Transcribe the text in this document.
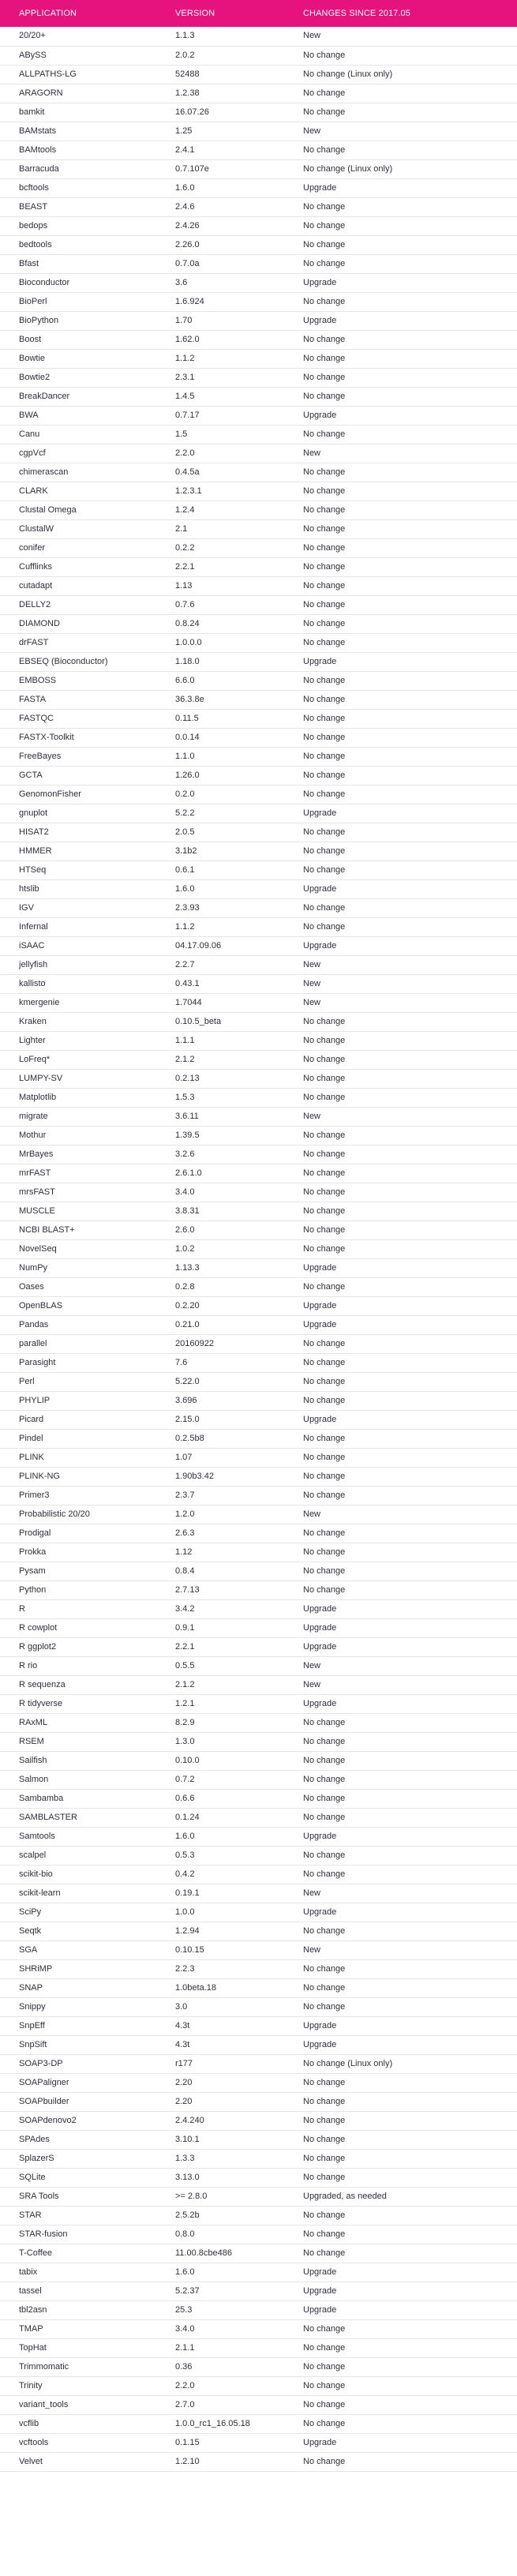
APPLICATION	VERSION	CHANGES SINCE 2017.05
20/20+	1.1.3	New
ABySS	2.0.2	No change
ALLPATHS-LG	52488	No change (Linux only)
ARAGORN	1.2.38	No change
bamkit	16.07.26	No change
BAMstats	1.25	New
BAMtools	2.4.1	No change
Barracuda	0.7.107e	No change (Linux only)
bcftools	1.6.0	Upgrade
BEAST	2.4.6	No change
bedops	2.4.26	No change
bedtools	2.26.0	No change
Bfast	0.7.0a	No change
Bioconductor	3.6	Upgrade
BioPerl	1.6.924	No change
BioPython	1.70	Upgrade
Boost	1.62.0	No change
Bowtie	1.1.2	No change
Bowtie2	2.3.1	No change
BreakDancer	1.4.5	No change
BWA	0.7.17	Upgrade
Canu	1.5	No change
cgpVcf	2.2.0	New
chimerascan	0.4.5a	No change
CLARK	1.2.3.1	No change
Clustal Omega	1.2.4	No change
ClustalW	2.1	No change
conifer	0.2.2	No change
Cufflinks	2.2.1	No change
cutadapt	1.13	No change
DELLY2	0.7.6	No change
DIAMOND	0.8.24	No change
drFAST	1.0.0.0	No change
EBSEQ (Bioconductor)	1.18.0	Upgrade
EMBOSS	6.6.0	No change
FASTA	36.3.8e	No change
FASTQC	0.11.5	No change
FASTX-Toolkit	0.0.14	No change
FreeBayes	1.1.0	No change
GCTA	1.26.0	No change
GenomonFisher	0.2.0	No change
gnuplot	5.2.2	Upgrade
HISAT2	2.0.5	No change
HMMER	3.1b2	No change
HTSeq	0.6.1	No change
htslib	1.6.0	Upgrade
IGV	2.3.93	No change
Infernal	1.1.2	No change
iSAAC	04.17.09.06	Upgrade
jellyfish	2.2.7	New
kallisto	0.43.1	New
kmergenie	1.7044	New
Kraken	0.10.5_beta	No change
Lighter	1.1.1	No change
LoFreq*	2.1.2	No change
LUMPY-SV	0.2.13	No change
Matplotlib	1.5.3	No change
migrate	3.6.11	New
Mothur	1.39.5	No change
MrBayes	3.2.6	No change
mrFAST	2.6.1.0	No change
mrsFAST	3.4.0	No change
MUSCLE	3.8.31	No change
NCBI BLAST+	2.6.0	No change
NovelSeq	1.0.2	No change
NumPy	1.13.3	Upgrade
Oases	0.2.8	No change
OpenBLAS	0.2.20	Upgrade
Pandas	0.21.0	Upgrade
parallel	20160922	No change
Parasight	7.6	No change
Perl	5.22.0	No change
PHYLIP	3.696	No change
Picard	2.15.0	Upgrade
Pindel	0.2.5b8	No change
PLINK	1.07	No change
PLINK-NG	1.90b3.42	No change
Primer3	2.3.7	No change
Probabilistic 20/20	1.2.0	New
Prodigal	2.6.3	No change
Prokka	1.12	No change
Pysam	0.8.4	No change
Python	2.7.13	No change
R	3.4.2	Upgrade
R cowplot	0.9.1	Upgrade
R ggplot2	2.2.1	Upgrade
R rio	0.5.5	New
R sequenza	2.1.2	New
R tidyverse	1.2.1	Upgrade
RAxML	8.2.9	No change
RSEM	1.3.0	No change
Sailfish	0.10.0	No change
Salmon	0.7.2	No change
Sambamba	0.6.6	No change
SAMBLASTER	0.1.24	No change
Samtools	1.6.0	Upgrade
scalpel	0.5.3	No change
scikit-bio	0.4.2	No change
scikit-learn	0.19.1	New
SciPy	1.0.0	Upgrade
Seqtk	1.2.94	No change
SGA	0.10.15	New
SHRiMP	2.2.3	No change
SNAP	1.0beta.18	No change
Snippy	3.0	No change
SnpEff	4.3t	Upgrade
SnpSift	4.3t	Upgrade
SOAP3-DP	r177	No change (Linux only)
SOAPaligner	2.20	No change
SOAPbuilder	2.20	No change
SOAPdenovo2	2.4.240	No change
SPAdes	3.10.1	No change
SplazerS	1.3.3	No change
SQLite	3.13.0	No change
SRA Tools	>= 2.8.0	Upgraded, as needed
STAR	2.5.2b	No change
STAR-fusion	0.8.0	No change
T-Coffee	11.00.8cbe486	No change
tabix	1.6.0	Upgrade
tassel	5.2.37	Upgrade
tbl2asn	25.3	Upgrade
TMAP	3.4.0	No change
TopHat	2.1.1	No change
Trimmomatic	0.36	No change
Trinity	2.2.0	No change
variant_tools	2.7.0	No change
vcflib	1.0.0_rc1_16.05.18	No change
vcftools	0.1.15	Upgrade
Velvet	1.2.10	No change
